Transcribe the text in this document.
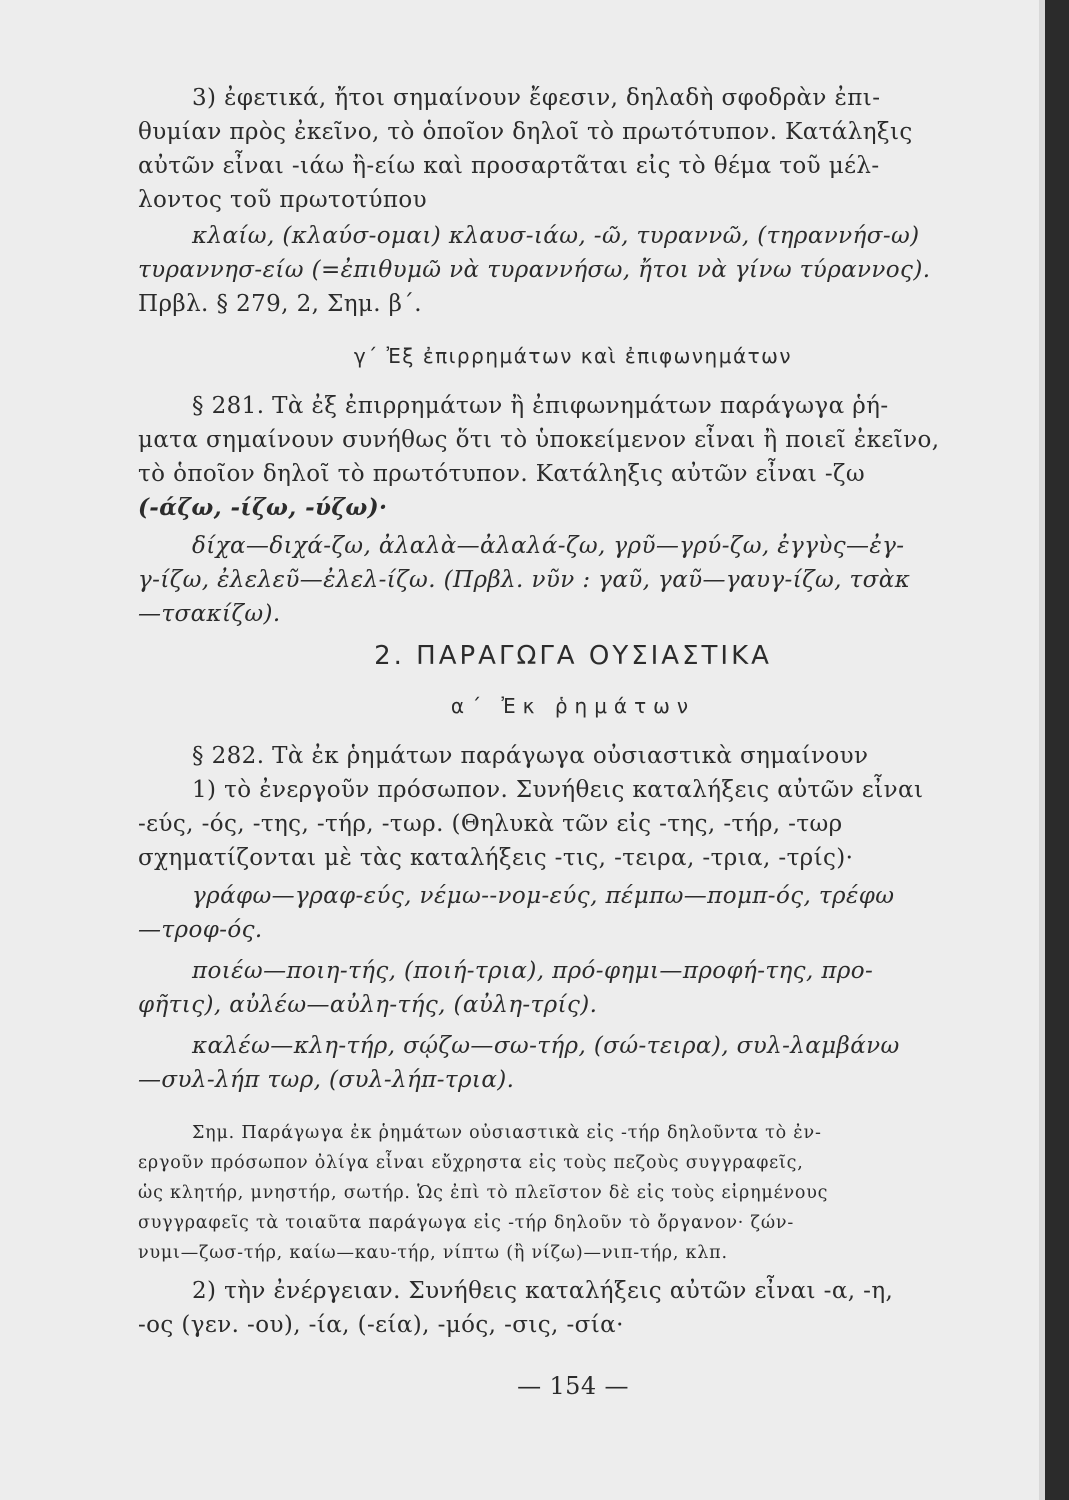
3) ἐφετικά, ἤτοι σημαίνουν ἔφεσιν, δηλαδὴ σφοδρὰν ἐπι-

θυμίαν πρὸς ἐκεῖνο, τὸ ὁποῖον δηλοῖ τὸ πρωτότυπον. Κατάληξις

αὐτῶν εἶναι -ιάω ἢ-είω καὶ προσαρτᾶται εἰς τὸ θέμα τοῦ μέλ-

λοντος τοῦ πρωτοτύπου

κλαίω, (κλαύσ-ομαι) κλαυσ-ιάω, -ῶ, τυραννῶ, (τηραννήσ-ω)

τυραννησ-είω (=ἐπιθυμῶ νὰ τυραννήσω, ἤτοι νὰ γίνω τύραννος).

Πρβλ. § 279, 2, Σημ. β΄.

γ΄ Ἐξ ἐπιρρημάτων καὶ ἐπιφωνημάτων

§ 281. Τὰ ἐξ ἐπιρρημάτων ἢ ἐπιφωνημάτων παράγωγα ῥή-

ματα σημαίνουν συνήθως ὅτι τὸ ὑποκείμενον εἶναι ἢ ποιεῖ ἐκεῖνο,

τὸ ὁποῖον δηλοῖ τὸ πρωτότυπον. Κατάληξις αὐτῶν εἶναι -ζω

(-άζω, -ίζω, -ύζω)·

δίχα—διχά-ζω, ἀλαλὰ—ἀλαλά-ζω, γρῦ—γρύ-ζω, ἐγγὺς—ἐγ-

γ-ίζω, ἐλελεῦ—ἐλελ-ίζω. (Πρβλ. νῦν : γαῦ, γαῦ—γαυγ-ίζω, τσὰκ

—τσακίζω).

2. ΠΑΡΑΓΩΓΑ ΟΥΣΙΑΣΤΙΚΑ

α΄ Ἐκ ῥημάτων

§ 282. Τὰ ἐκ ῥημάτων παράγωγα οὐσιαστικὰ σημαίνουν

1) τὸ ἐνεργοῦν πρόσωπον. Συνήθεις καταλήξεις αὐτῶν εἶναι

-εύς, -ός, -της, -τήρ, -τωρ. (Θηλυκὰ τῶν εἰς -της, -τήρ, -τωρ

σχηματίζονται μὲ τὰς καταλήξεις -τις, -τειρα, -τρια, -τρίς)·

γράφω—γραφ-εύς, νέμω--νομ-εύς, πέμπω—πομπ-ός, τρέφω

—τροφ-ός.

ποιέω—ποιη-τής, (ποιή-τρια), πρό-φημι—προφή-της, προ-

φῆτις), αὐλέω—αὐλη-τής, (αὐλη-τρίς).

καλέω—κλη-τήρ, σῴζω—σω-τήρ, (σώ-τειρα), συλ-λαμβάνω

—συλ-λήπ τωρ, (συλ-λήπ-τρια).

Σημ. Παράγωγα ἐκ ῥημάτων οὐσιαστικὰ εἰς -τήρ δηλοῦντα τὸ ἐν-

εργοῦν πρόσωπον ὀλίγα εἶναι εὔχρηστα εἰς τοὺς πεζοὺς συγγραφεῖς,

ὡς κλητήρ, μνηστήρ, σωτήρ. Ὡς ἐπὶ τὸ πλεῖστον δὲ εἰς τοὺς εἰρημένους

συγγραφεῖς τὰ τοιαῦτα παράγωγα εἰς -τήρ δηλοῦν τὸ ὄργανον· ζών-

νυμι—ζωσ-τήρ, καίω—καυ-τήρ, νίπτω (ἢ νίζω)—νιπ-τήρ, κλπ.

2) τὴν ἐνέργειαν. Συνήθεις καταλήξεις αὐτῶν εἶναι -α, -η,

-ος (γεν. -ου), -ία, (-εία), -μός, -σις, -σία·

— 154 —
